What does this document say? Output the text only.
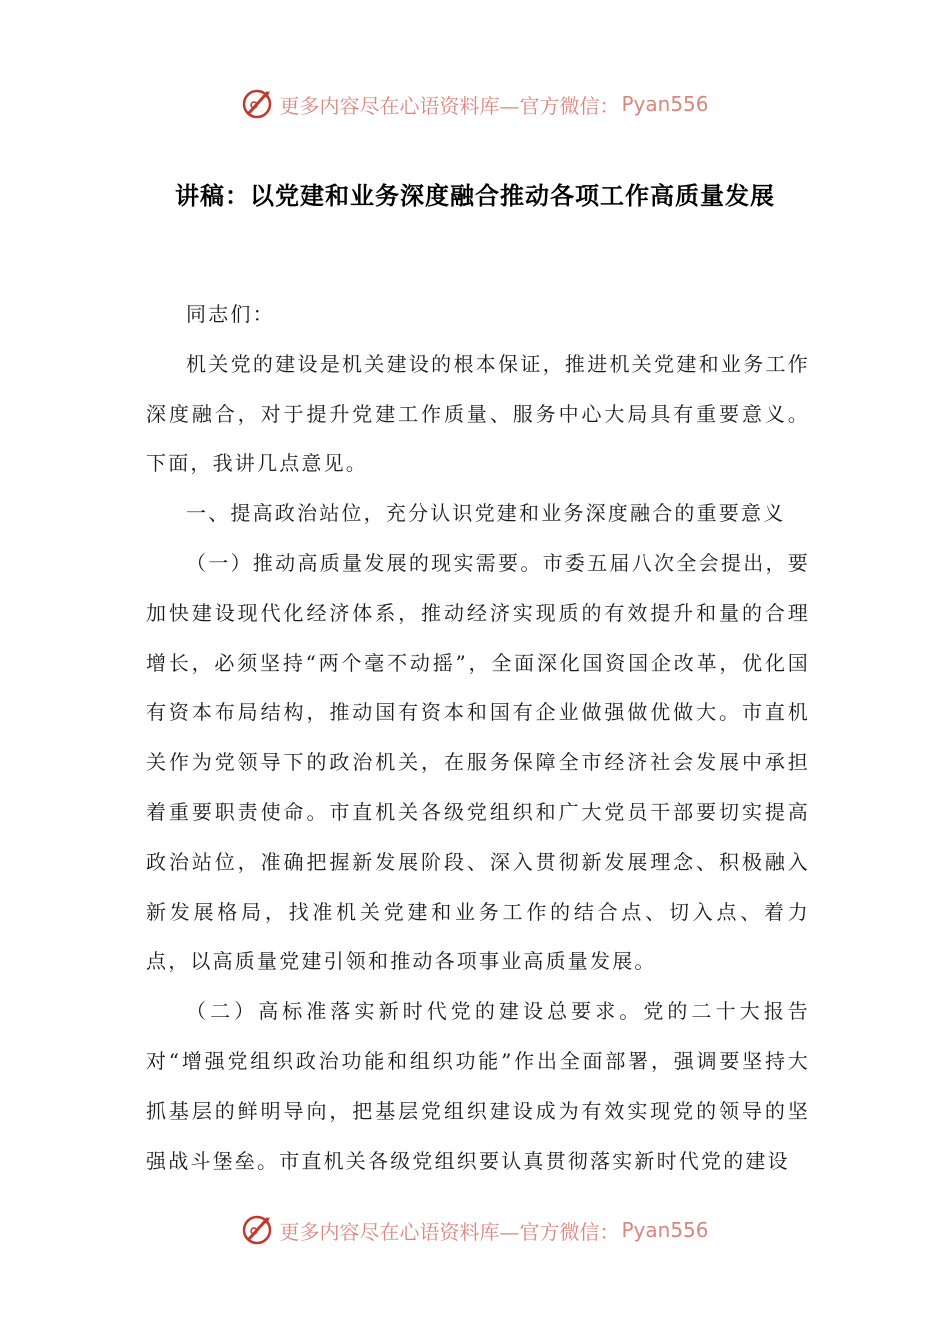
更多内容尽在心语资料库—官方微信： Pyan556
讲稿：以党建和业务深度融合推动各项工作高质量发展

同志们：

机关党的建设是机关建设的根本保证，推进机关党建和业务工作深度融合，对于提升党建工作质量、服务中心大局具有重要意义。下面，我讲几点意见。

一、提高政治站位，充分认识党建和业务深度融合的重要意义

（一）推动高质量发展的现实需要。市委五届八次全会提出，要加快建设现代化经济体系，推动经济实现质的有效提升和量的合理增长，必须坚持“两个毫不动摇”，全面深化国资国企改革，优化国有资本布局结构，推动国有资本和国有企业做强做优做大。市直机关作为党领导下的政治机关，在服务保障全市经济社会发展中承担着重要职责使命。市直机关各级党组织和广大党员干部要切实提高政治站位，准确把握新发展阶段、深入贯彻新发展理念、积极融入新发展格局，找准机关党建和业务工作的结合点、切入点、着力点，以高质量党建引领和推动各项事业高质量发展。

（二）高标准落实新时代党的建设总要求。党的二十大报告对“增强党组织政治功能和组织功能”作出全面部署，强调要坚持大抓基层的鲜明导向，把基层党组织建设成为有效实现党的领导的坚强战斗堡垒。市直机关各级党组织要认真贯彻落实新时代党的建设

更多内容尽在心语资料库—官方微信： Pyan556
